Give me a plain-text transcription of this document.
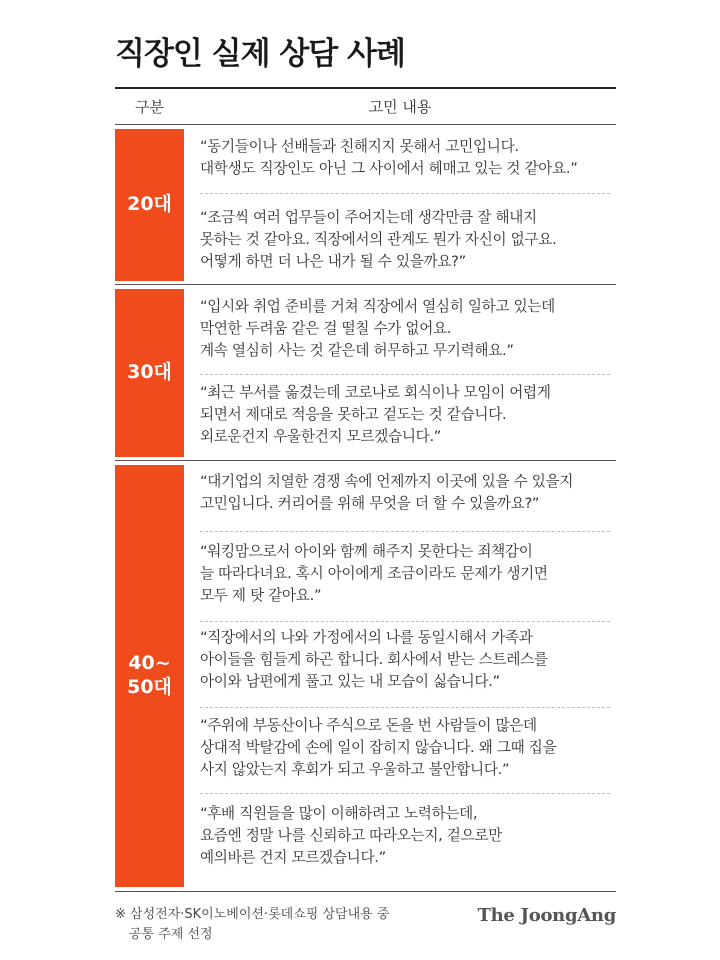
직장인 실제 상담 사례
구분	고민 내용
20대
“동기들이나 선배들과 친해지지 못해서 고민입니다.
대학생도 직장인도 아닌 그 사이에서 헤매고 있는 것 같아요.”
“조금씩 여러 업무들이 주어지는데 생각만큼 잘 해내지
못하는 것 같아요. 직장에서의 관계도 뭔가 자신이 없구요.
어떻게 하면 더 나은 내가 될 수 있을까요?”
30대
“입시와 취업 준비를 거쳐 직장에서 열심히 일하고 있는데
막연한 두려움 같은 걸 떨칠 수가 없어요.
계속 열심히 사는 것 같은데 허무하고 무기력해요.”
“최근 부서를 옮겼는데 코로나로 회식이나 모임이 어렵게
되면서 제대로 적응을 못하고 겉도는 것 같습니다.
외로운건지 우울한건지 모르겠습니다.”
40~
50대
“대기업의 치열한 경쟁 속에 언제까지 이곳에 있을 수 있을지
고민입니다. 커리어를 위해 무엇을 더 할 수 있을까요?”
“워킹맘으로서 아이와 함께 해주지 못한다는 죄책감이
늘 따라다녀요. 혹시 아이에게 조금이라도 문제가 생기면
모두 제 탓 같아요.”
“직장에서의 나와 가정에서의 나를 동일시해서 가족과
아이들을 힘들게 하곤 합니다. 회사에서 받는 스트레스를
아이와 남편에게 풀고 있는 내 모습이 싫습니다.”
“주위에 부동산이나 주식으로 돈을 번 사람들이 많은데
상대적 박탈감에 손에 일이 잡히지 않습니다. 왜 그때 집을
사지 않았는지 후회가 되고 우울하고 불안합니다.”
“후배 직원들을 많이 이해하려고 노력하는데,
요즘엔 정말 나를 신뢰하고 따라오는지, 겉으로만
예의바른 건지 모르겠습니다.”
※ 삼성전자·SK이노베이션·롯데쇼핑 상담내용 중
공통 주제 선정
The JoongAng
